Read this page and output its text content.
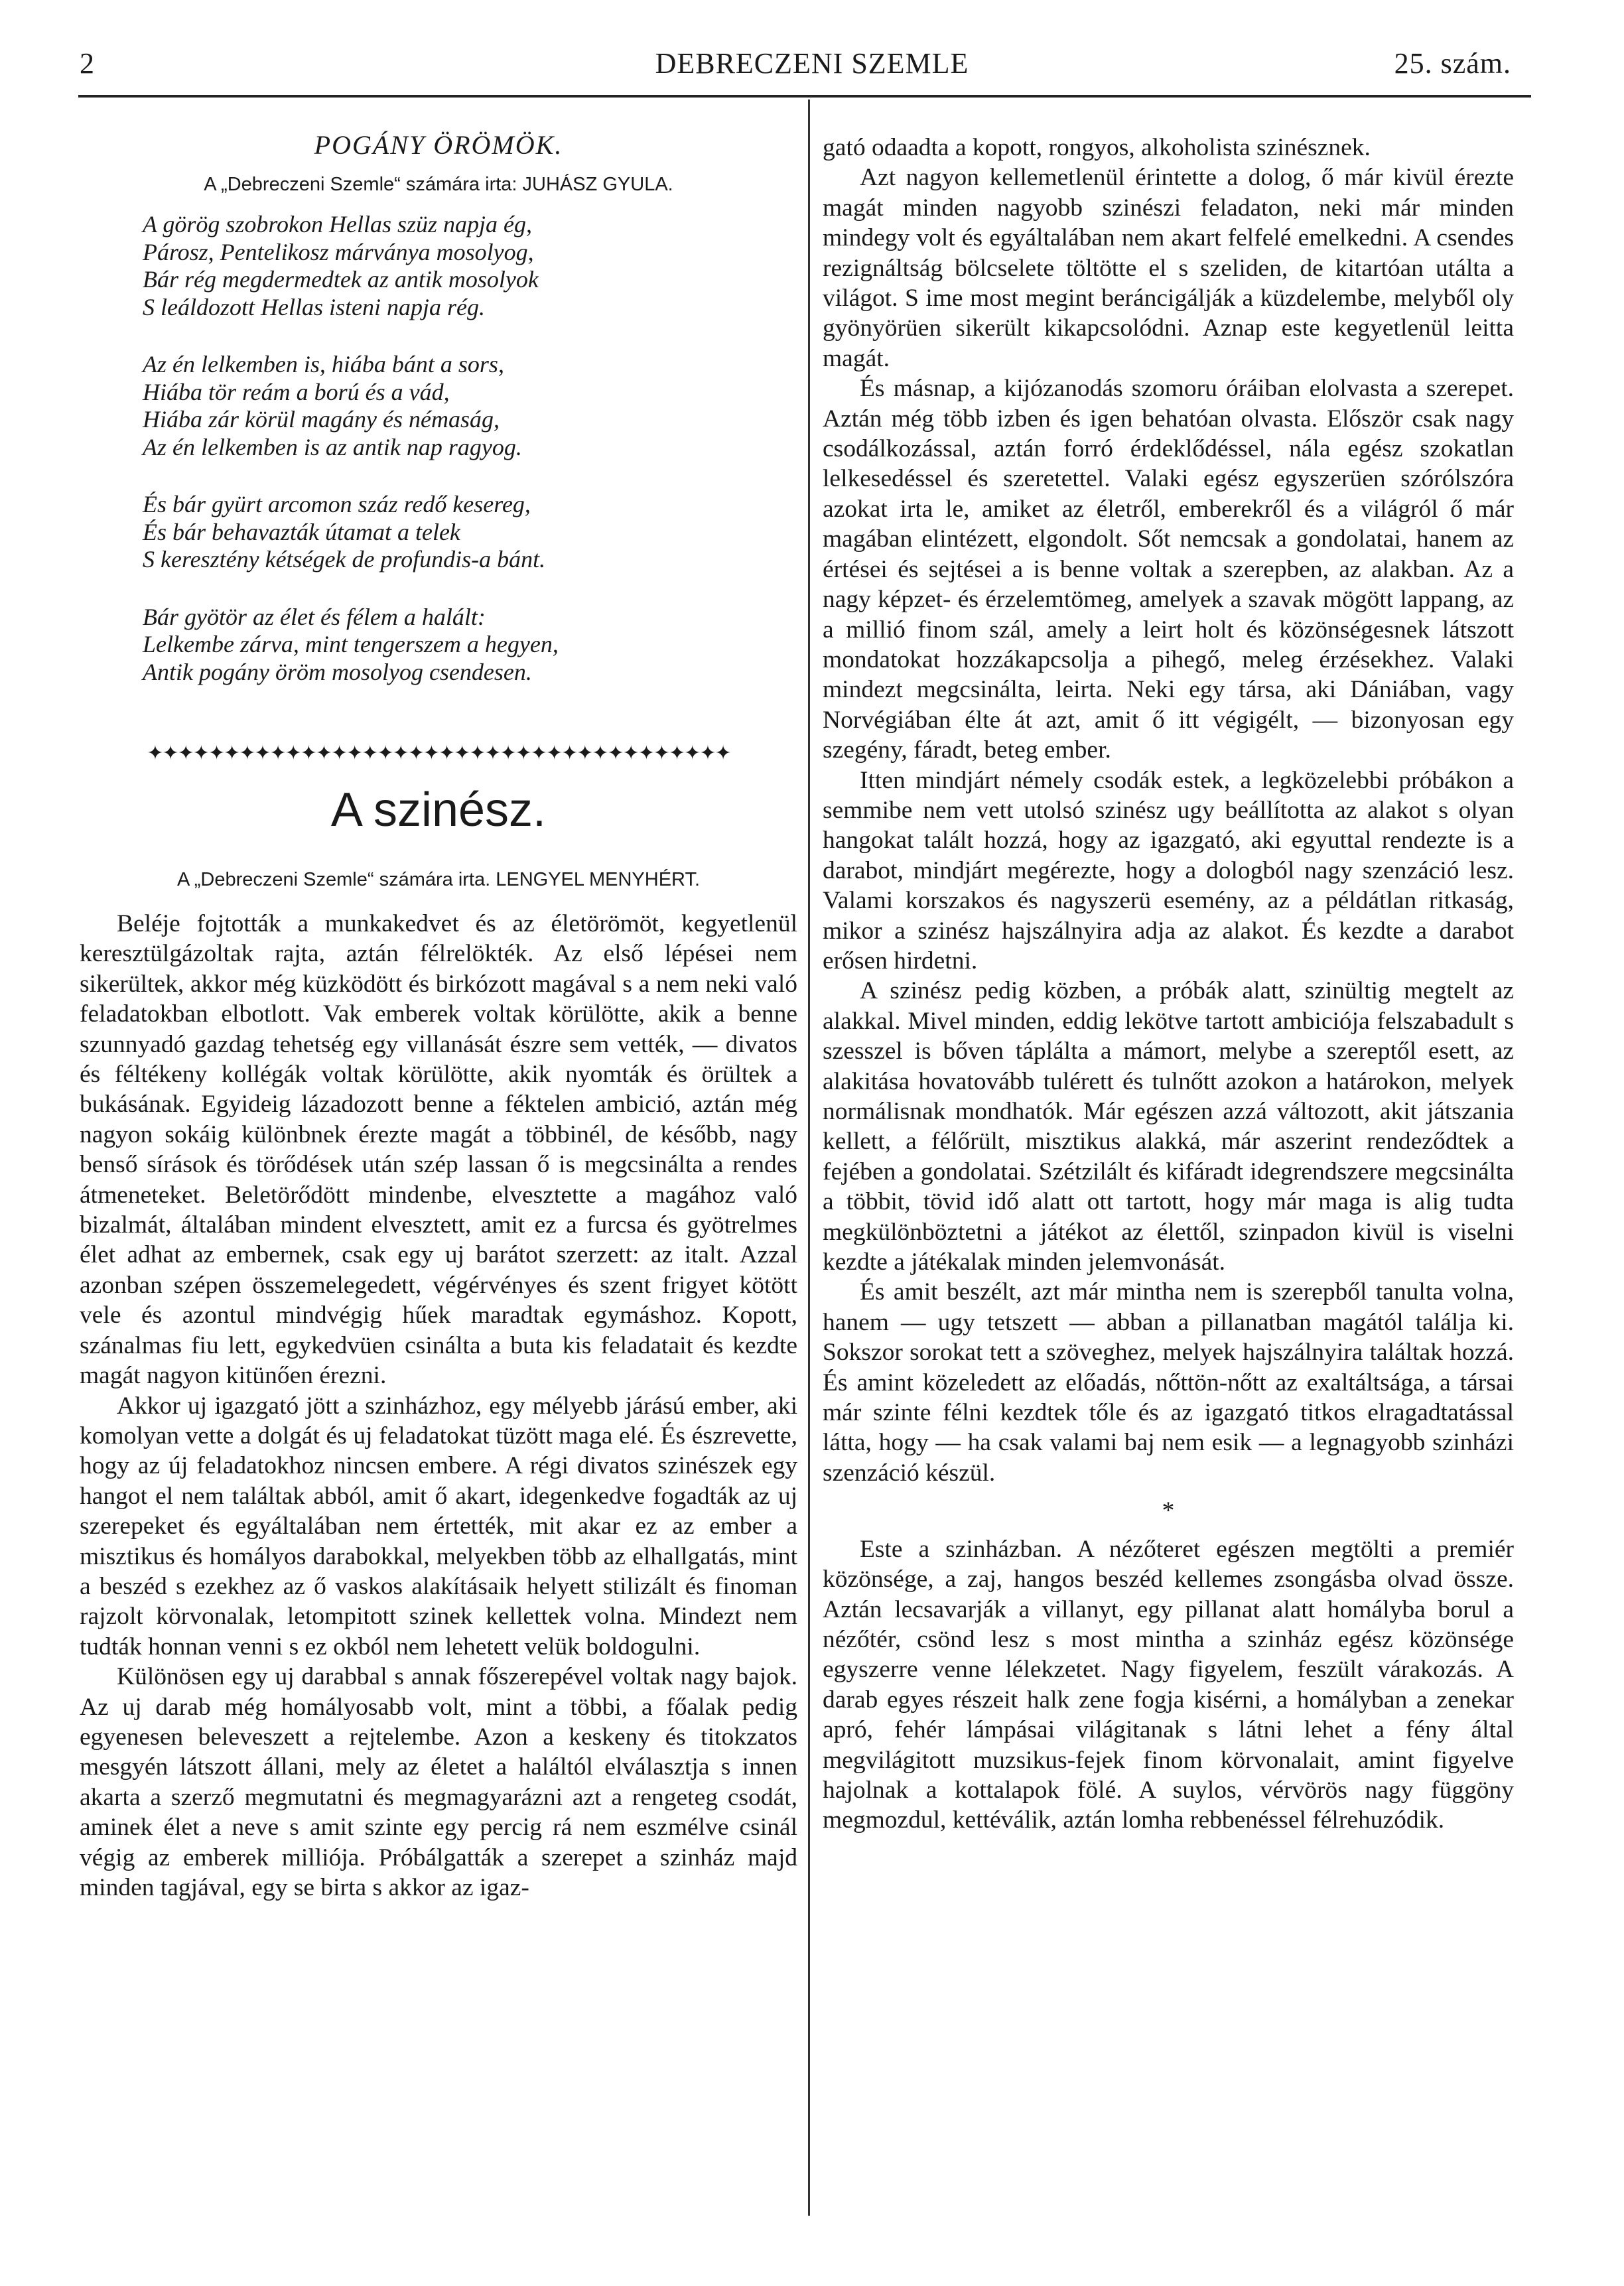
2	DEBRECZENI SZEMLE	25. szám.
POGÁNY ÖRÖMÖK.
A „Debreczeni Szemle“ számára irta: JUHÁSZ GYULA.
A görög szobrokon Hellas szüz napja ég,
Párosz, Pentelikosz márványa mosolyog,
Bár rég megdermedtek az antik mosolyok
S leáldozott Hellas isteni napja rég.
Az én lelkemben is, hiába bánt a sors,
Hiába tör reám a ború és a vád,
Hiába zár körül magány és némaság,
Az én lelkemben is az antik nap ragyog.
És bár gyürt arcomon száz redő kesereg,
És bár behavazták útamat a telek
S keresztény kétségek de profundis-a bánt.
Bár gyötör az élet és félem a halált:
Lelkembe zárva, mint tengerszem a hegyen,
Antik pogány öröm mosolyog csendesen.
✦✦✦✦✦✦✦✦✦✦✦✦✦✦✦✦✦✦✦✦✦✦✦✦✦✦✦✦✦✦✦✦✦✦✦✦✦✦
A szinész.
A „Debreczeni Szemle“ számára irta. LENGYEL MENYHÉRT.

Beléje fojtották a munkakedvet és az életörömöt, kegyetlenül keresztülgázoltak rajta, aztán félrelökték. Az első lépései nem sikerültek, akkor még küzködött és birkózott magával s a nem neki való feladatokban elbotlott. Vak emberek voltak körülötte, akik a benne szunnyadó gazdag tehetség egy villanását észre sem vették, — divatos és féltékeny kollégák voltak körülötte, akik nyomták és örültek a bukásának. Egyideig lázadozott benne a féktelen ambició, aztán még nagyon sokáig különbnek érezte magát a többinél, de később, nagy benső sírások és törődések után szép lassan ő is megcsinálta a rendes átmeneteket. Beletörődött mindenbe, elvesztette a magához való bizalmát, általában mindent elvesztett, amit ez a furcsa és gyötrelmes élet adhat az embernek, csak egy uj barátot szerzett: az italt. Azzal azonban szépen összemelegedett, végérvényes és szent frigyet kötött vele és azontul mindvégig hűek maradtak egymáshoz. Kopott, szánalmas fiu lett, egykedvüen csinálta a buta kis feladatait és kezdte magát nagyon kitünően érezni.

Akkor uj igazgató jött a szinházhoz, egy mélyebb járású ember, aki komolyan vette a dolgát és uj feladatokat tüzött maga elé. És észrevette, hogy az új feladatokhoz nincsen embere. A régi divatos szinészek egy hangot el nem találtak abból, amit ő akart, idegenkedve fogadták az uj szerepeket és egyáltalában nem értették, mit akar ez az ember a misztikus és homályos darabokkal, melyekben több az elhallgatás, mint a beszéd s ezekhez az ő vaskos alakításaik helyett stilizált és finoman rajzolt körvonalak, letompitott szinek kellettek volna. Mindezt nem tudták honnan venni s ez okból nem lehetett velük boldogulni.

Különösen egy uj darabbal s annak főszerepével voltak nagy bajok. Az uj darab még homályosabb volt, mint a többi, a főalak pedig egyenesen beleveszett a rejtelembe. Azon a keskeny és titokzatos mesgyén látszott állani, mely az életet a haláltól elválasztja s innen akarta a szerző megmutatni és megmagyarázni azt a rengeteg csodát, aminek élet a neve s amit szinte egy percig rá nem eszmélve csinál végig az emberek milliója. Próbálgatták a szerepet a szinház majd minden tagjával, egy se birta s akkor az igaz-

gató odaadta a kopott, rongyos, alkoholista szinésznek.

Azt nagyon kellemetlenül érintette a dolog, ő már kivül érezte magát minden nagyobb szinészi feladaton, neki már minden mindegy volt és egyáltalában nem akart felfelé emelkedni. A csendes rezignáltság bölcselete töltötte el s szeliden, de kitartóan utálta a világot. S ime most megint beráncigálják a küzdelembe, melyből oly gyönyörüen sikerült kikapcsolódni. Aznap este kegyetlenül leitta magát.

És másnap, a kijózanodás szomoru óráiban elolvasta a szerepet. Aztán még több izben és igen behatóan olvasta. Először csak nagy csodálkozással, aztán forró érdeklődéssel, nála egész szokatlan lelkesedéssel és szeretettel. Valaki egész egyszerüen szórólszóra azokat irta le, amiket az életről, emberekről és a világról ő már magában elintézett, elgondolt. Sőt nemcsak a gondolatai, hanem az értései és sejtései a is benne voltak a szerepben, az alakban. Az a nagy képzet- és érzelemtömeg, amelyek a szavak mögött lappang, az a millió finom szál, amely a leirt holt és közönségesnek látszott mondatokat hozzákapcsolja a pihegő, meleg érzésekhez. Valaki mindezt megcsinálta, leirta. Neki egy társa, aki Dániában, vagy Norvégiában élte át azt, amit ő itt végigélt, — bizonyosan egy szegény, fáradt, beteg ember.

Itten mindjárt némely csodák estek, a legközelebbi próbákon a semmibe nem vett utolsó szinész ugy beállította az alakot s olyan hangokat talált hozzá, hogy az igazgató, aki egyuttal rendezte is a darabot, mindjárt megérezte, hogy a dologból nagy szenzáció lesz. Valami korszakos és nagyszerü esemény, az a példátlan ritkaság, mikor a szinész hajszálnyira adja az alakot. És kezdte a darabot erősen hirdetni.

A szinész pedig közben, a próbák alatt, szinültig megtelt az alakkal. Mivel minden, eddig lekötve tartott ambiciója felszabadult s szesszel is bőven táplálta a mámort, melybe a szereptől esett, az alakitása hovatovább tulérett és tulnőtt azokon a határokon, melyek normálisnak mondhatók. Már egészen azzá változott, akit játszania kellett, a félőrült, misztikus alakká, már aszerint rendeződtek a fejében a gondolatai. Szétzilált és kifáradt idegrendszere megcsinálta a többit, tövid idő alatt ott tartott, hogy már maga is alig tudta megkülönböztetni a játékot az élettől, szinpadon kivül is viselni kezdte a játékalak minden jelemvonását.

És amit beszélt, azt már mintha nem is szerepből tanulta volna, hanem — ugy tetszett — abban a pillanatban magától találja ki. Sokszor sorokat tett a szöveghez, melyek hajszálnyira találtak hozzá. És amint közeledett az előadás, nőttön-nőtt az exaltáltsága, a társai már szinte félni kezdtek tőle és az igazgató titkos elragadtatással látta, hogy — ha csak valami baj nem esik — a legnagyobb szinházi szenzáció készül.

*

Este a szinházban. A nézőteret egészen megtölti a premiér közönsége, a zaj, hangos beszéd kellemes zsongásba olvad össze. Aztán lecsavarják a villanyt, egy pillanat alatt homályba borul a nézőtér, csönd lesz s most mintha a szinház egész közönsége egyszerre venne lélekzetet. Nagy figyelem, feszült várakozás. A darab egyes részeit halk zene fogja kisérni, a homályban a zenekar apró, fehér lámpásai világitanak s látni lehet a fény által megvilágitott muzsikus-fejek finom körvonalait, amint figyelve hajolnak a kottalapok fölé. A suylos, vérvörös nagy függöny megmozdul, kettéválik, aztán lomha rebbenéssel félrehuzódik.
